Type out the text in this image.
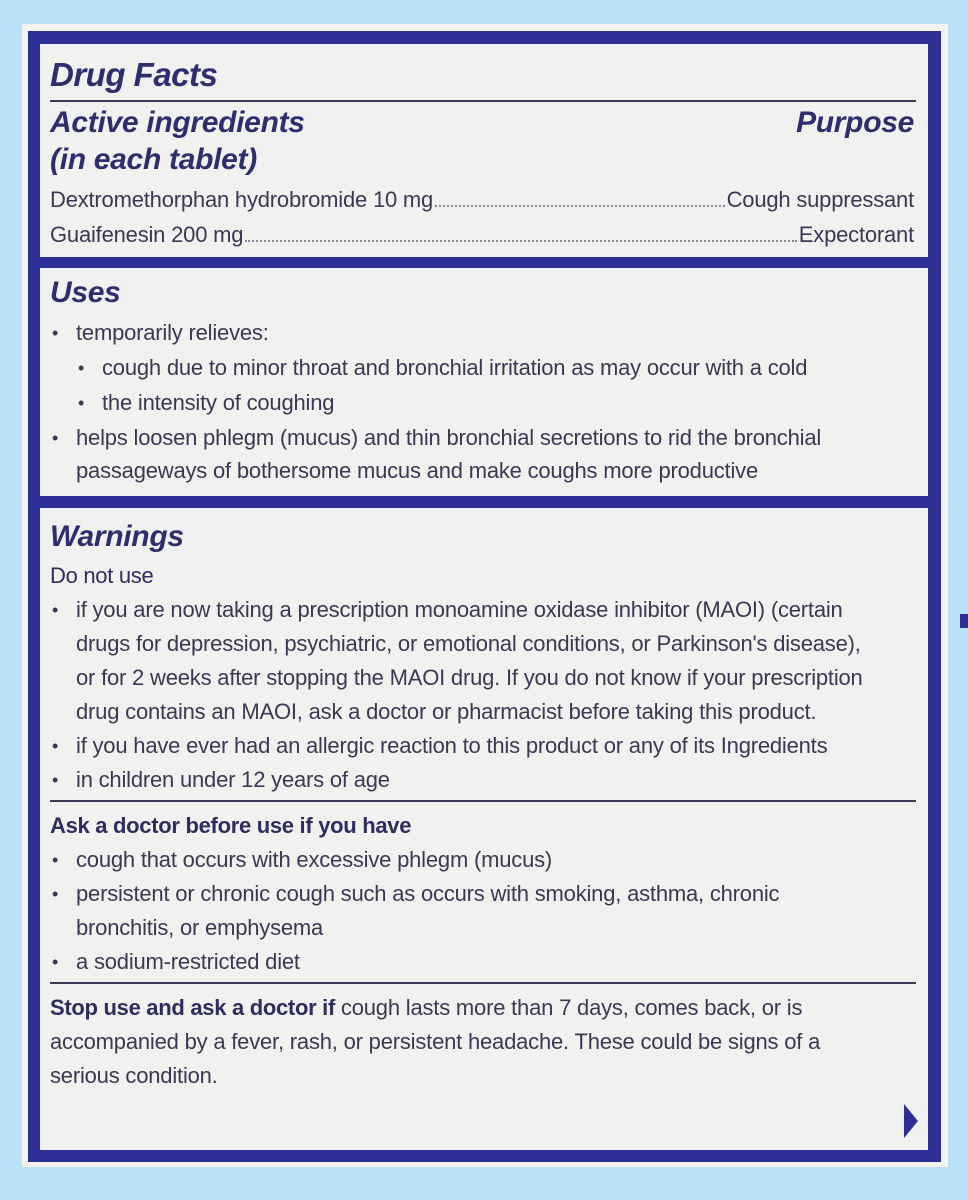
Drug Facts
Active ingredients
(in each tablet)
Purpose
Dextromethorphan hydrobromide 10 mg	Cough suppressant
Guaifenesin 200 mg	Expectorant
Uses
• temporarily relieves:
• cough due to minor throat and bronchial irritation as may occur with a cold
• the intensity of coughing
• helps loosen phlegm (mucus) and thin bronchial secretions to rid the bronchial
passageways of bothersome mucus and make coughs more productive
Warnings
Do not use
• if you are now taking a prescription monoamine oxidase inhibitor (MAOI) (certain
drugs for depression, psychiatric, or emotional conditions, or Parkinson's disease),
or for 2 weeks after stopping the MAOI drug. If you do not know if your prescription
drug contains an MAOI, ask a doctor or pharmacist before taking this product.
• if you have ever had an allergic reaction to this product or any of its Ingredients
• in children under 12 years of age
Ask a doctor before use if you have
• cough that occurs with excessive phlegm (mucus)
• persistent or chronic cough such as occurs with smoking, asthma, chronic
bronchitis, or emphysema
• a sodium-restricted diet
Stop use and ask a doctor if cough lasts more than 7 days, comes back, or is
accompanied by a fever, rash, or persistent headache. These could be signs of a
serious condition.
